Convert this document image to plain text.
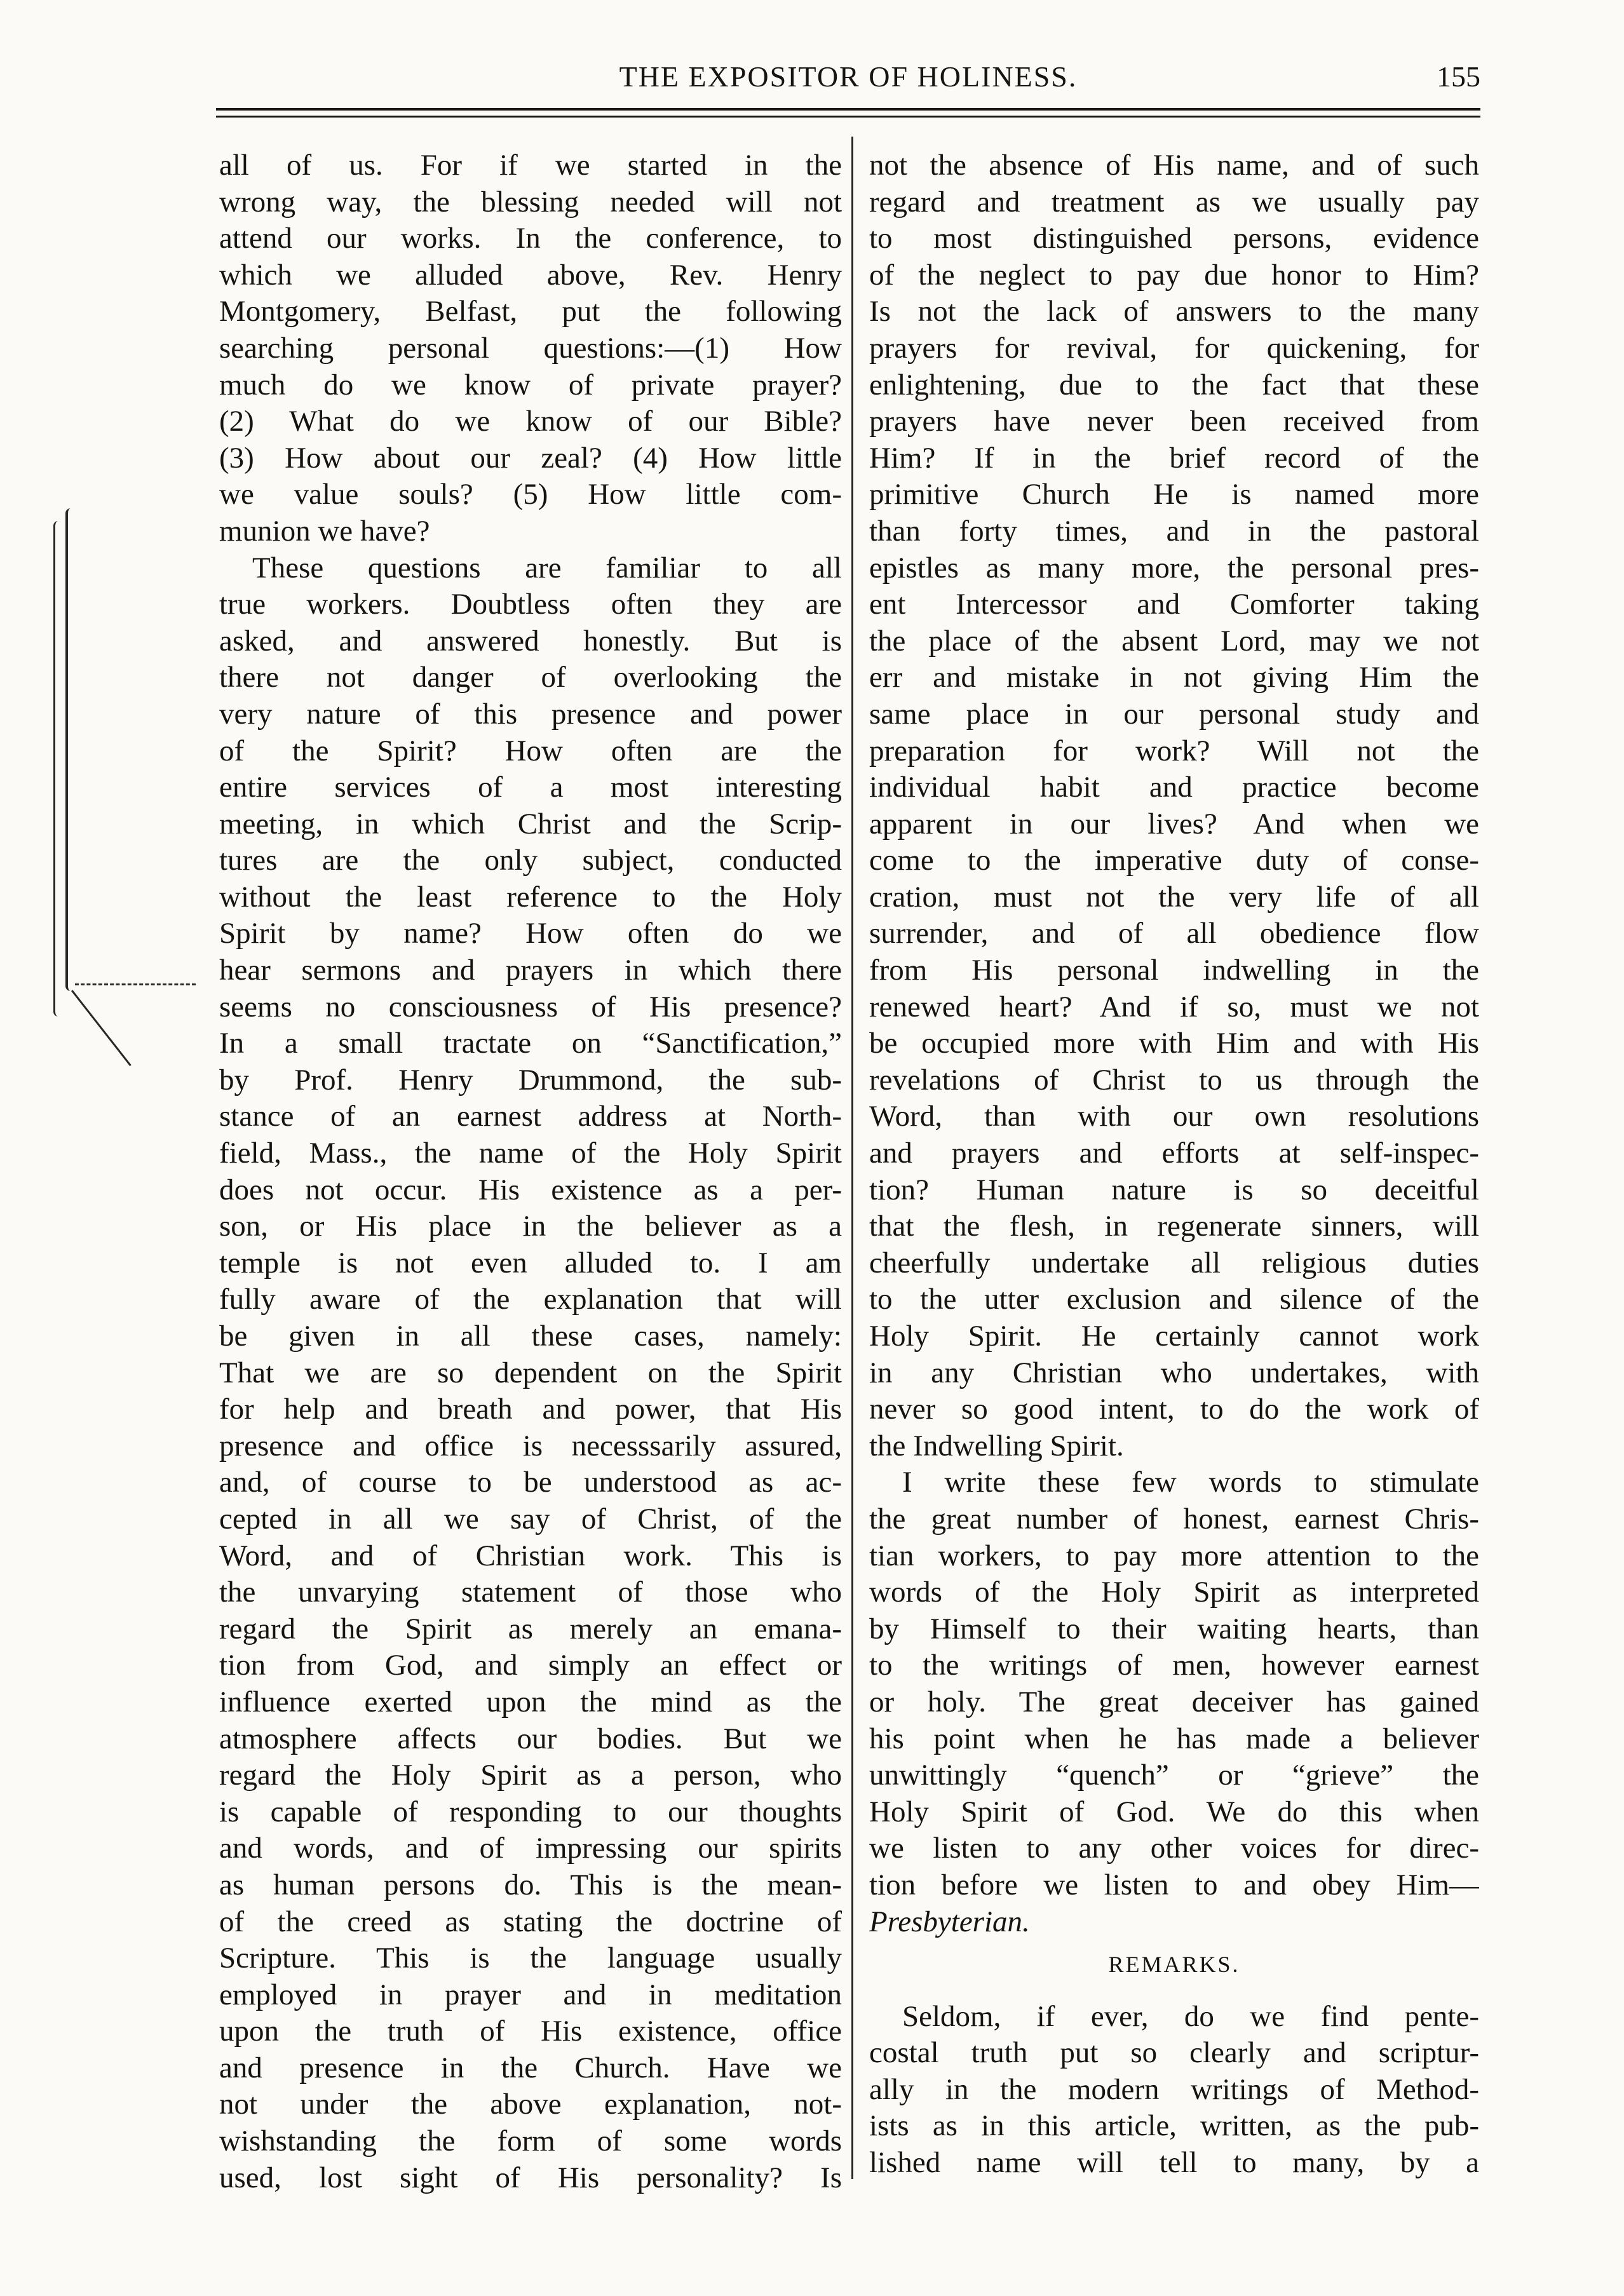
THE EXPOSITOR OF HOLINESS.	155
all of us. For if we started in the
wrong way, the blessing needed will not
attend our works. In the conference, to
which we alluded above, Rev. Henry
Montgomery, Belfast, put the following
searching personal questions:—(1) How
much do we know of private prayer?
(2) What do we know of our Bible?
(3) How about our zeal? (4) How little
we value souls? (5) How little com-
munion we have?
These questions are familiar to all
true workers. Doubtless often they are
asked, and answered honestly. But is
there not danger of overlooking the
very nature of this presence and power
of the Spirit? How often are the
entire services of a most interesting
meeting, in which Christ and the Scrip-
tures are the only subject, conducted
without the least reference to the Holy
Spirit by name? How often do we
hear sermons and prayers in which there
seems no consciousness of His presence?
In a small tractate on “Sanctification,”
by Prof. Henry Drummond, the sub-
stance of an earnest address at North-
field, Mass., the name of the Holy Spirit
does not occur. His existence as a per-
son, or His place in the believer as a
temple is not even alluded to. I am
fully aware of the explanation that will
be given in all these cases, namely:
That we are so dependent on the Spirit
for help and breath and power, that His
presence and office is necesssarily assured,
and, of course to be understood as ac-
cepted in all we say of Christ, of the
Word, and of Christian work. This is
the unvarying statement of those who
regard the Spirit as merely an emana-
tion from God, and simply an effect or
influence exerted upon the mind as the
atmosphere affects our bodies. But we
regard the Holy Spirit as a person, who
is capable of responding to our thoughts
and words, and of impressing our spirits
as human persons do. This is the mean-
of the creed as stating the doctrine of
Scripture. This is the language usually
employed in prayer and in meditation
upon the truth of His existence, office
and presence in the Church. Have we
not under the above explanation, not-
wishstanding the form of some words
used, lost sight of His personality? Is
not the absence of His name, and of such
regard and treatment as we usually pay
to most distinguished persons, evidence
of the neglect to pay due honor to Him?
Is not the lack of answers to the many
prayers for revival, for quickening, for
enlightening, due to the fact that these
prayers have never been received from
Him? If in the brief record of the
primitive Church He is named more
than forty times, and in the pastoral
epistles as many more, the personal pres-
ent Intercessor and Comforter taking
the place of the absent Lord, may we not
err and mistake in not giving Him the
same place in our personal study and
preparation for work? Will not the
individual habit and practice become
apparent in our lives? And when we
come to the imperative duty of conse-
cration, must not the very life of all
surrender, and of all obedience flow
from His personal indwelling in the
renewed heart? And if so, must we not
be occupied more with Him and with His
revelations of Christ to us through the
Word, than with our own resolutions
and prayers and efforts at self-inspec-
tion? Human nature is so deceitful
that the flesh, in regenerate sinners, will
cheerfully undertake all religious duties
to the utter exclusion and silence of the
Holy Spirit. He certainly cannot work
in any Christian who undertakes, with
never so good intent, to do the work of
the Indwelling Spirit.
I write these few words to stimulate
the great number of honest, earnest Chris-
tian workers, to pay more attention to the
words of the Holy Spirit as interpreted
by Himself to their waiting hearts, than
to the writings of men, however earnest
or holy. The great deceiver has gained
his point when he has made a believer
unwittingly “quench” or “grieve” the
Holy Spirit of God. We do this when
we listen to any other voices for direc-
tion before we listen to and obey Him—
Presbyterian.
REMARKS.
Seldom, if ever, do we find pente-
costal truth put so clearly and scriptur-
ally in the modern writings of Method-
ists as in this article, written, as the pub-
lished name will tell to many, by a
